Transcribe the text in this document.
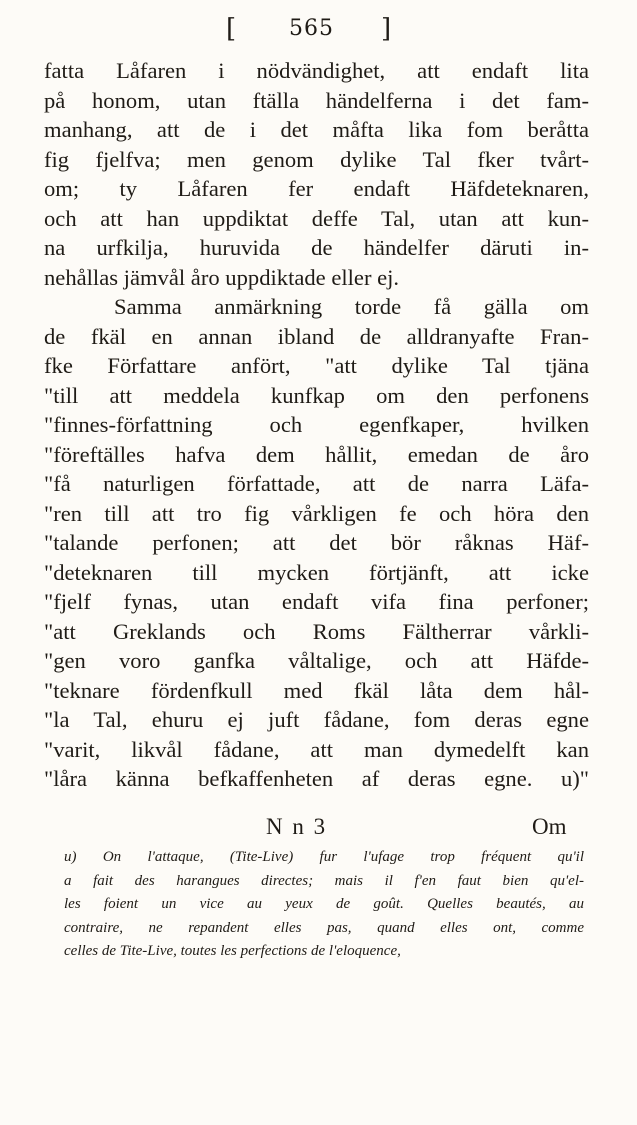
[ 565 ]
fatta Låfaren i nödvändighet, att endaft lita
på honom, utan ftälla händelferna i det fam-
manhang, att de i det måfta lika fom beråtta
fig fjelfva; men genom dylike Tal fker tvårt-
om; ty Låfaren fer endaft Häfdeteknaren,
och att han uppdiktat deffe Tal, utan att kun-
na urfkilja, huruvida de händelfer däruti in-
nehållas jämvål åro uppdiktade eller ej.
Samma anmärkning torde få gälla om
de fkäl en annan ibland de alldranyafte Fran-
fke Författare anfört, "att dylike Tal tjäna
"till att meddela kunfkap om den perfonens
"finnes-författning och egenfkaper, hvilken
"föreftälles hafva dem hållit, emedan de åro
"få naturligen författade, att de narra Läfa-
"ren till att tro fig vårkligen fe och höra den
"talande perfonen; att det bör råknas Häf-
"deteknaren till mycken förtjänft, att icke
"fjelf fynas, utan endaft vifa fina perfoner;
"att Greklands och Roms Fältherrar vårkli-
"gen voro ganfka våltalige, och att Häfde-
"teknare fördenfkull med fkäl låta dem hål-
"la Tal, ehuru ej juft fådane, fom deras egne
"varit, likvål fådane, att man dymedelft kan
"låra känna befkaffenheten af deras egne. u)"
N n 3	Om
u) On l'attaque, (Tite-Live) fur l'ufage trop fréquent qu'il
a fait des harangues directes; mais il f'en faut bien qu'el-
les foient un vice au yeux de goût. Quelles beautés, au
contraire, ne repandent elles pas, quand elles ont, comme
celles de Tite-Live, toutes les perfections de l'eloquence,
